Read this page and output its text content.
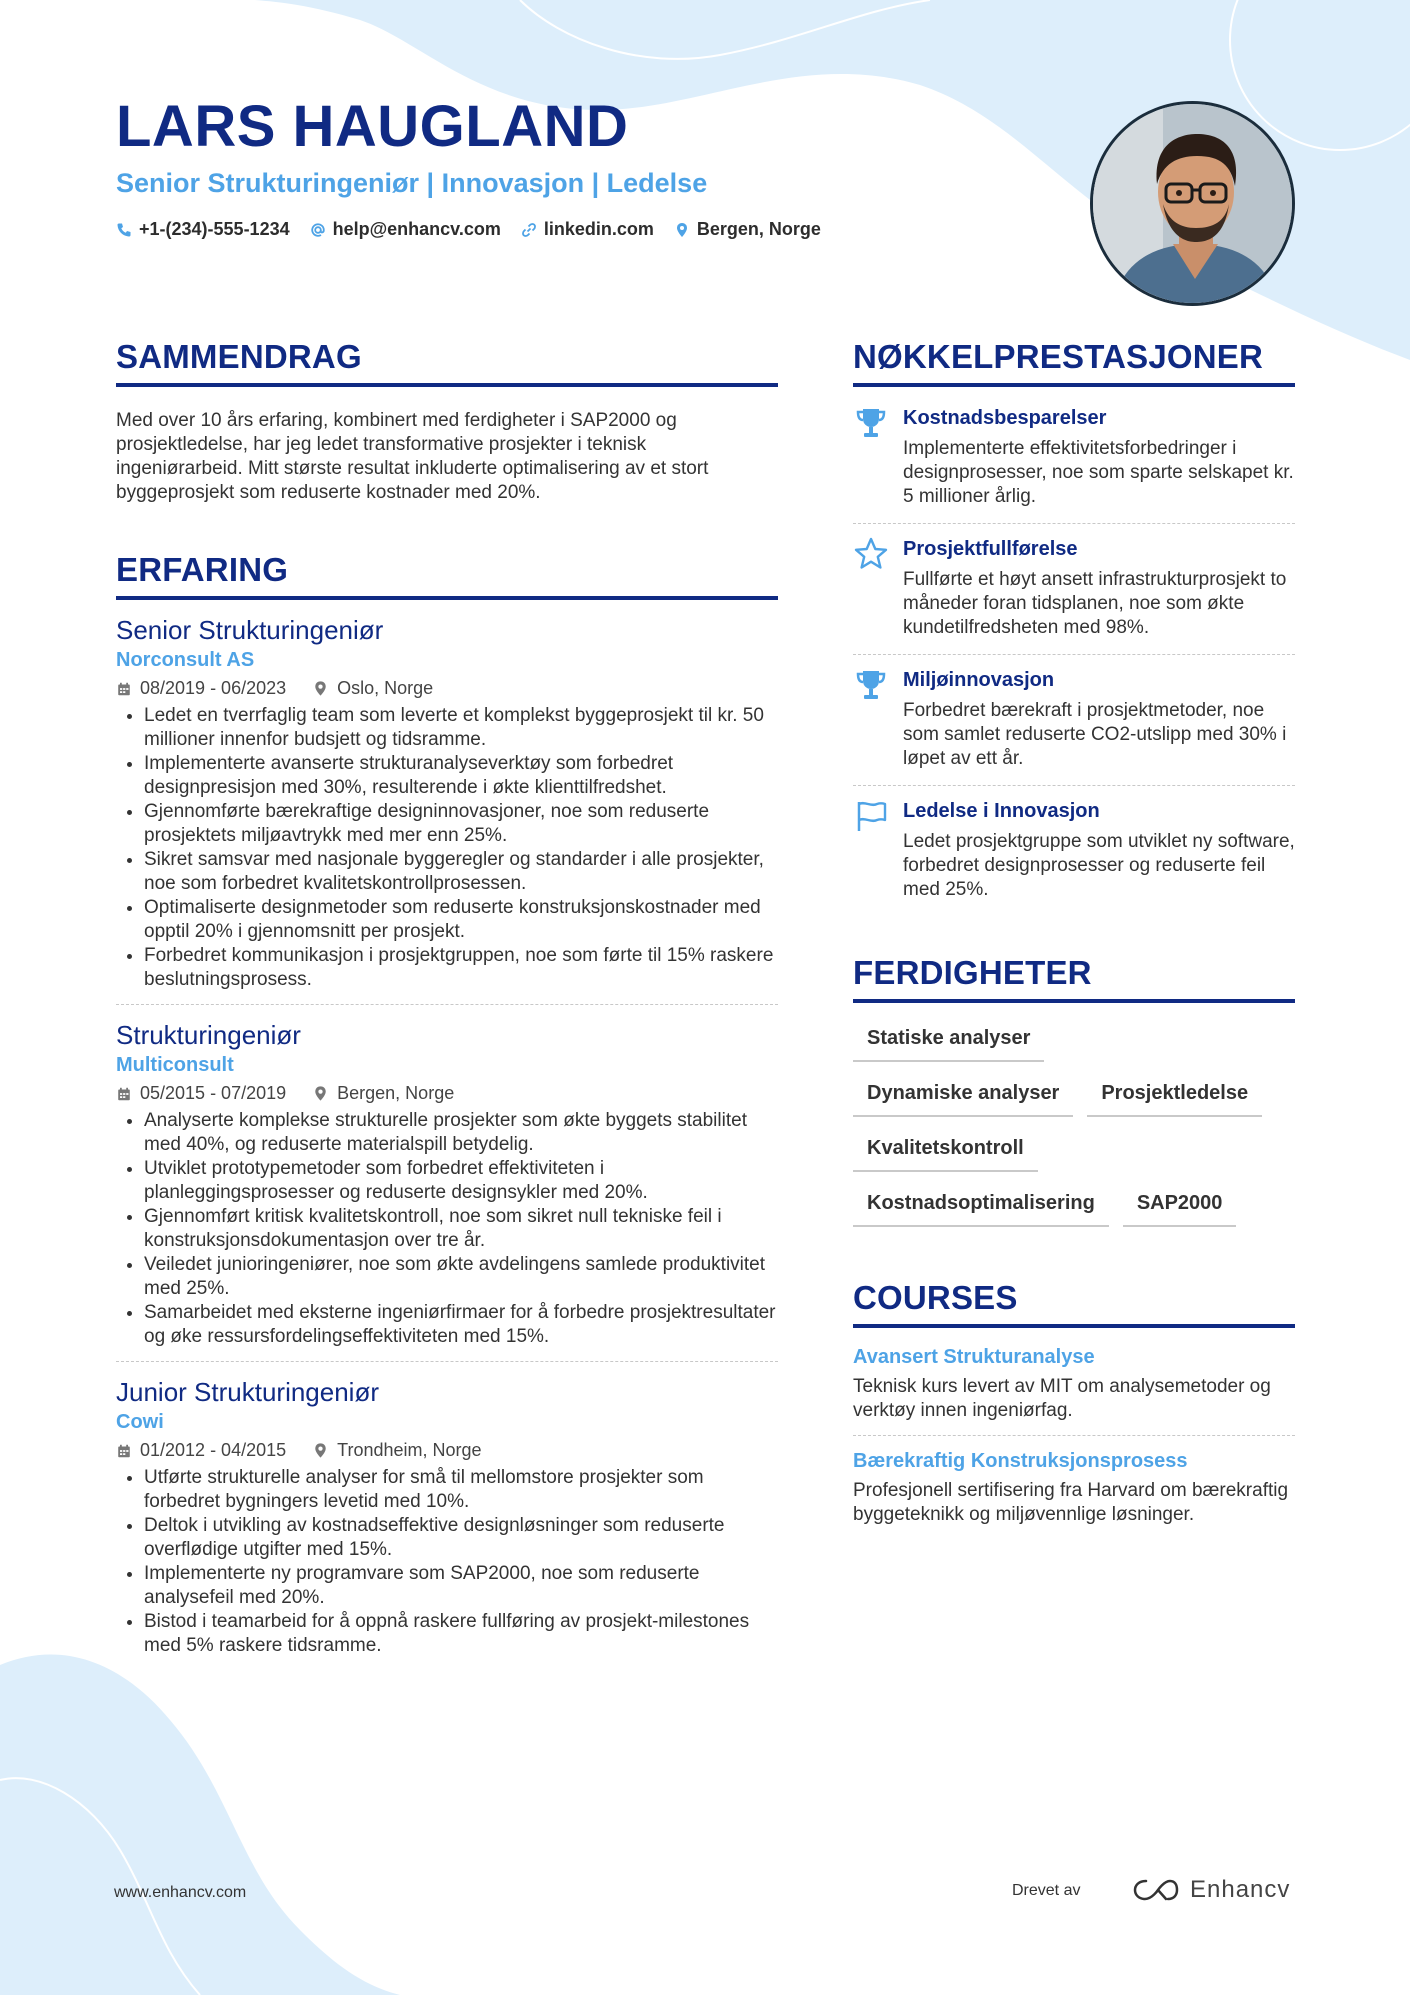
LARS HAUGLAND
Senior Strukturingeniør | Innovasjon | Ledelse
+1-(234)-555-1234 help@enhancv.com linkedin.com Bergen, Norge
SAMMENDRAG

Med over 10 års erfaring, kombinert med ferdigheter i SAP2000 og prosjektledelse, har jeg ledet transformative prosjekter i teknisk ingeniørarbeid. Mitt største resultat inkluderte optimalisering av et stort byggeprosjekt som reduserte kostnader med 20%.

ERFARING
Senior Strukturingeniør
Norconsult AS
08/2019 - 06/2023	Oslo, Norge
• Ledet en tverrfaglig team som leverte et komplekst byggeprosjekt til kr. 50 millioner innenfor budsjett og tidsramme.
• Implementerte avanserte strukturanalyseverktøy som forbedret designpresisjon med 30%, resulterende i økte klienttilfredshet.
• Gjennomførte bærekraftige designinnovasjoner, noe som reduserte prosjektets miljøavtrykk med mer enn 25%.
• Sikret samsvar med nasjonale byggeregler og standarder i alle prosjekter, noe som forbedret kvalitetskontrollprosessen.
• Optimaliserte designmetoder som reduserte konstruksjonskostnader med opptil 20% i gjennomsnitt per prosjekt.
• Forbedret kommunikasjon i prosjektgruppen, noe som førte til 15% raskere beslutningsprosess.
Strukturingeniør
Multiconsult
05/2015 - 07/2019	Bergen, Norge
• Analyserte komplekse strukturelle prosjekter som økte byggets stabilitet med 40%, og reduserte materialspill betydelig.
• Utviklet prototypemetoder som forbedret effektiviteten i planleggingsprosesser og reduserte designsykler med 20%.
• Gjennomført kritisk kvalitetskontroll, noe som sikret null tekniske feil i konstruksjonsdokumentasjon over tre år.
• Veiledet junioringeniører, noe som økte avdelingens samlede produktivitet med 25%.
• Samarbeidet med eksterne ingeniørfirmaer for å forbedre prosjektresultater og øke ressursfordelingseffektiviteten med 15%.
Junior Strukturingeniør
Cowi
01/2012 - 04/2015	Trondheim, Norge
• Utførte strukturelle analyser for små til mellomstore prosjekter som forbedret bygningers levetid med 10%.
• Deltok i utvikling av kostnadseffektive designløsninger som reduserte overflødige utgifter med 15%.
• Implementerte ny programvare som SAP2000, noe som reduserte analysefeil med 20%.
• Bistod i teamarbeid for å oppnå raskere fullføring av prosjekt-milestones med 5% raskere tidsramme.
NØKKELPRESTASJONER
Kostnadsbesparelser
Implementerte effektivitetsforbedringer i designprosesser, noe som sparte selskapet kr. 5 millioner årlig.
Prosjektfullførelse
Fullførte et høyt ansett infrastrukturprosjekt to måneder foran tidsplanen, noe som økte kundetilfredsheten med 98%.
Miljøinnovasjon
Forbedret bærekraft i prosjektmetoder, noe som samlet reduserte CO2-utslipp med 30% i løpet av ett år.
Ledelse i Innovasjon
Ledet prosjektgruppe som utviklet ny software, forbedret designprosesser og reduserte feil med 25%.
FERDIGHETER
Statiske analyser
Dynamiske analyser	Prosjektledelse
Kvalitetskontroll
Kostnadsoptimalisering	SAP2000
COURSES
Avansert Strukturanalyse
Teknisk kurs levert av MIT om analysemetoder og verktøy innen ingeniørfag.
Bærekraftig Konstruksjonsprosess
Profesjonell sertifisering fra Harvard om bærekraftig byggeteknikk og miljøvennlige løsninger.
www.enhancv.com	Drevet av	Enhancv
